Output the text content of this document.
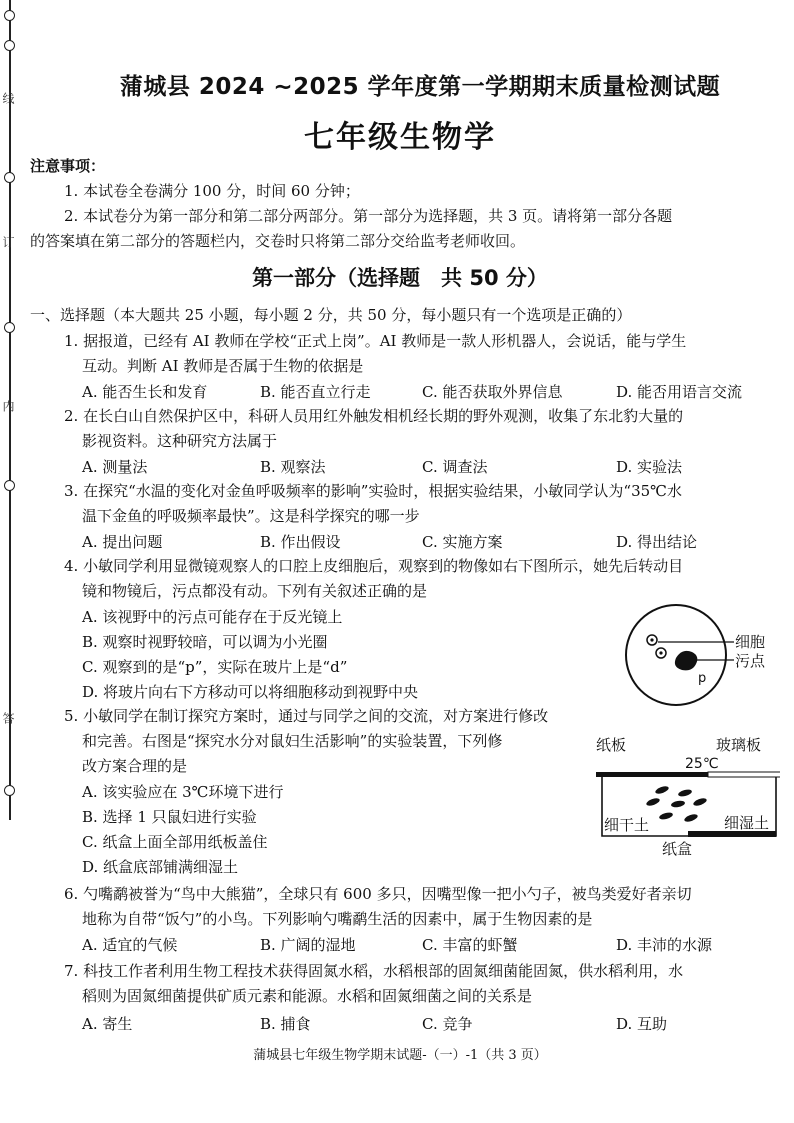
线
订
内
答
蒲城县 2024 ~2025 学年度第一学期期末质量检测试题
七年级生物学
注意事项：
1. 本试卷全卷满分 100 分，时间 60 分钟；
2. 本试卷分为第一部分和第二部分两部分。第一部分为选择题，共 3 页。请将第一部分各题
的答案填在第二部分的答题栏内，交卷时只将第二部分交给监考老师收回。
第一部分（选择题　共 50 分）
一、选择题（本大题共 25 小题，每小题 2 分，共 50 分，每小题只有一个选项是正确的）
1. 据报道，已经有 AI 教师在学校“正式上岗”。AI 教师是一款人形机器人，会说话，能与学生
互动。判断 AI 教师是否属于生物的依据是
A. 能否生长和发育	B. 能否直立行走	C. 能否获取外界信息	D. 能否用语言交流
2. 在长白山自然保护区中，科研人员用红外触发相机经长期的野外观测，收集了东北豹大量的
影视资料。这种研究方法属于
A. 测量法	B. 观察法	C. 调查法	D. 实验法
3. 在探究“水温的变化对金鱼呼吸频率的影响”实验时，根据实验结果，小敏同学认为“35℃水
温下金鱼的呼吸频率最快”。这是科学探究的哪一步
A. 提出问题	B. 作出假设	C. 实施方案	D. 得出结论
4. 小敏同学利用显微镜观察人的口腔上皮细胞后，观察到的物像如右下图所示，她先后转动目
镜和物镜后，污点都没有动。下列有关叙述正确的是
A. 该视野中的污点可能存在于反光镜上
B. 观察时视野较暗，可以调为小光圈
C. 观察到的是“p”，实际在玻片上是“d”
D. 将玻片向右下方移动可以将细胞移动到视野中央
p
细胞
污点
5. 小敏同学在制订探究方案时，通过与同学之间的交流，对方案进行修改
和完善。右图是“探究水分对鼠妇生活影响”的实验装置，下列修
改方案合理的是
A. 该实验应在 3℃环境下进行
B. 选择 1 只鼠妇进行实验
C. 纸盒上面全部用纸板盖住
D. 纸盒底部铺满细湿土
纸板	玻璃板
25℃
细干土	细湿土
纸盒
6. 勺嘴鹬被誉为“鸟中大熊猫”，全球只有 600 多只，因嘴型像一把小勺子，被鸟类爱好者亲切
地称为自带“饭勺”的小鸟。下列影响勺嘴鹬生活的因素中，属于生物因素的是
A. 适宜的气候	B. 广阔的湿地	C. 丰富的虾蟹	D. 丰沛的水源
7. 科技工作者利用生物工程技术获得固氮水稻，水稻根部的固氮细菌能固氮，供水稻利用，水
稻则为固氮细菌提供矿质元素和能源。水稻和固氮细菌之间的关系是
A. 寄生	B. 捕食	C. 竞争	D. 互助
蒲城县七年级生物学期末试题-（一）-1（共 3 页）
